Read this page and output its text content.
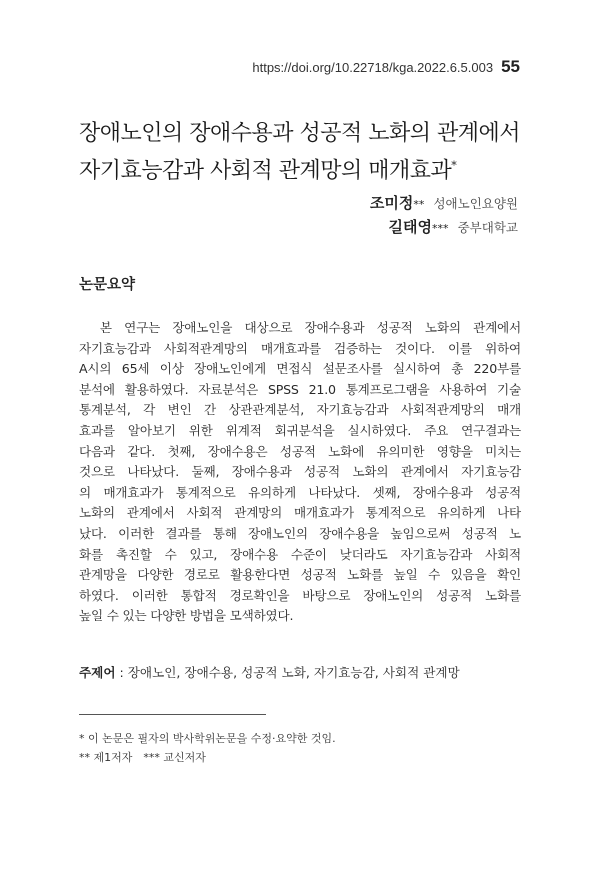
https://doi.org/10.22718/kga.2022.6.5.003 55
장애노인의 장애수용과 성공적 노화의 관계에서
자기효능감과 사회적 관계망의 매개효과*
조미정** 성애노인요양원
길태영*** 중부대학교
논문요약
　본 연구는 장애노인을 대상으로 장애수용과 성공적 노화의 관계에서
자기효능감과 사회적관계망의 매개효과를 검증하는 것이다. 이를 위하여
A시의 65세 이상 장애노인에게 면접식 설문조사를 실시하여 총 220부를
분석에 활용하였다. 자료분석은 SPSS 21.0 통계프로그램을 사용하여 기술
통계분석, 각 변인 간 상관관계분석, 자기효능감과 사회적관계망의 매개
효과를 알아보기 위한 위계적 회귀분석을 실시하였다. 주요 연구결과는
다음과 같다. 첫째, 장애수용은 성공적 노화에 유의미한 영향을 미치는
것으로 나타났다. 둘째, 장애수용과 성공적 노화의 관계에서 자기효능감
의 매개효과가 통계적으로 유의하게 나타났다. 셋째, 장애수용과 성공적
노화의 관계에서 사회적 관계망의 매개효과가 통계적으로 유의하게 나타
났다. 이러한 결과를 통해 장애노인의 장애수용을 높임으로써 성공적 노
화를 촉진할 수 있고, 장애수용 수준이 낮더라도 자기효능감과 사회적
관계망을 다양한 경로로 활용한다면 성공적 노화를 높일 수 있음을 확인
하였다. 이러한 통합적 경로확인을 바탕으로 장애노인의 성공적 노화를
높일 수 있는 다양한 방법을 모색하였다.
주제어 : 장애노인, 장애수용, 성공적 노화, 자기효능감, 사회적 관계망
* 이 논문은 필자의 박사학위논문을 수정·요약한 것임.
** 제1저자　*** 교신저자
